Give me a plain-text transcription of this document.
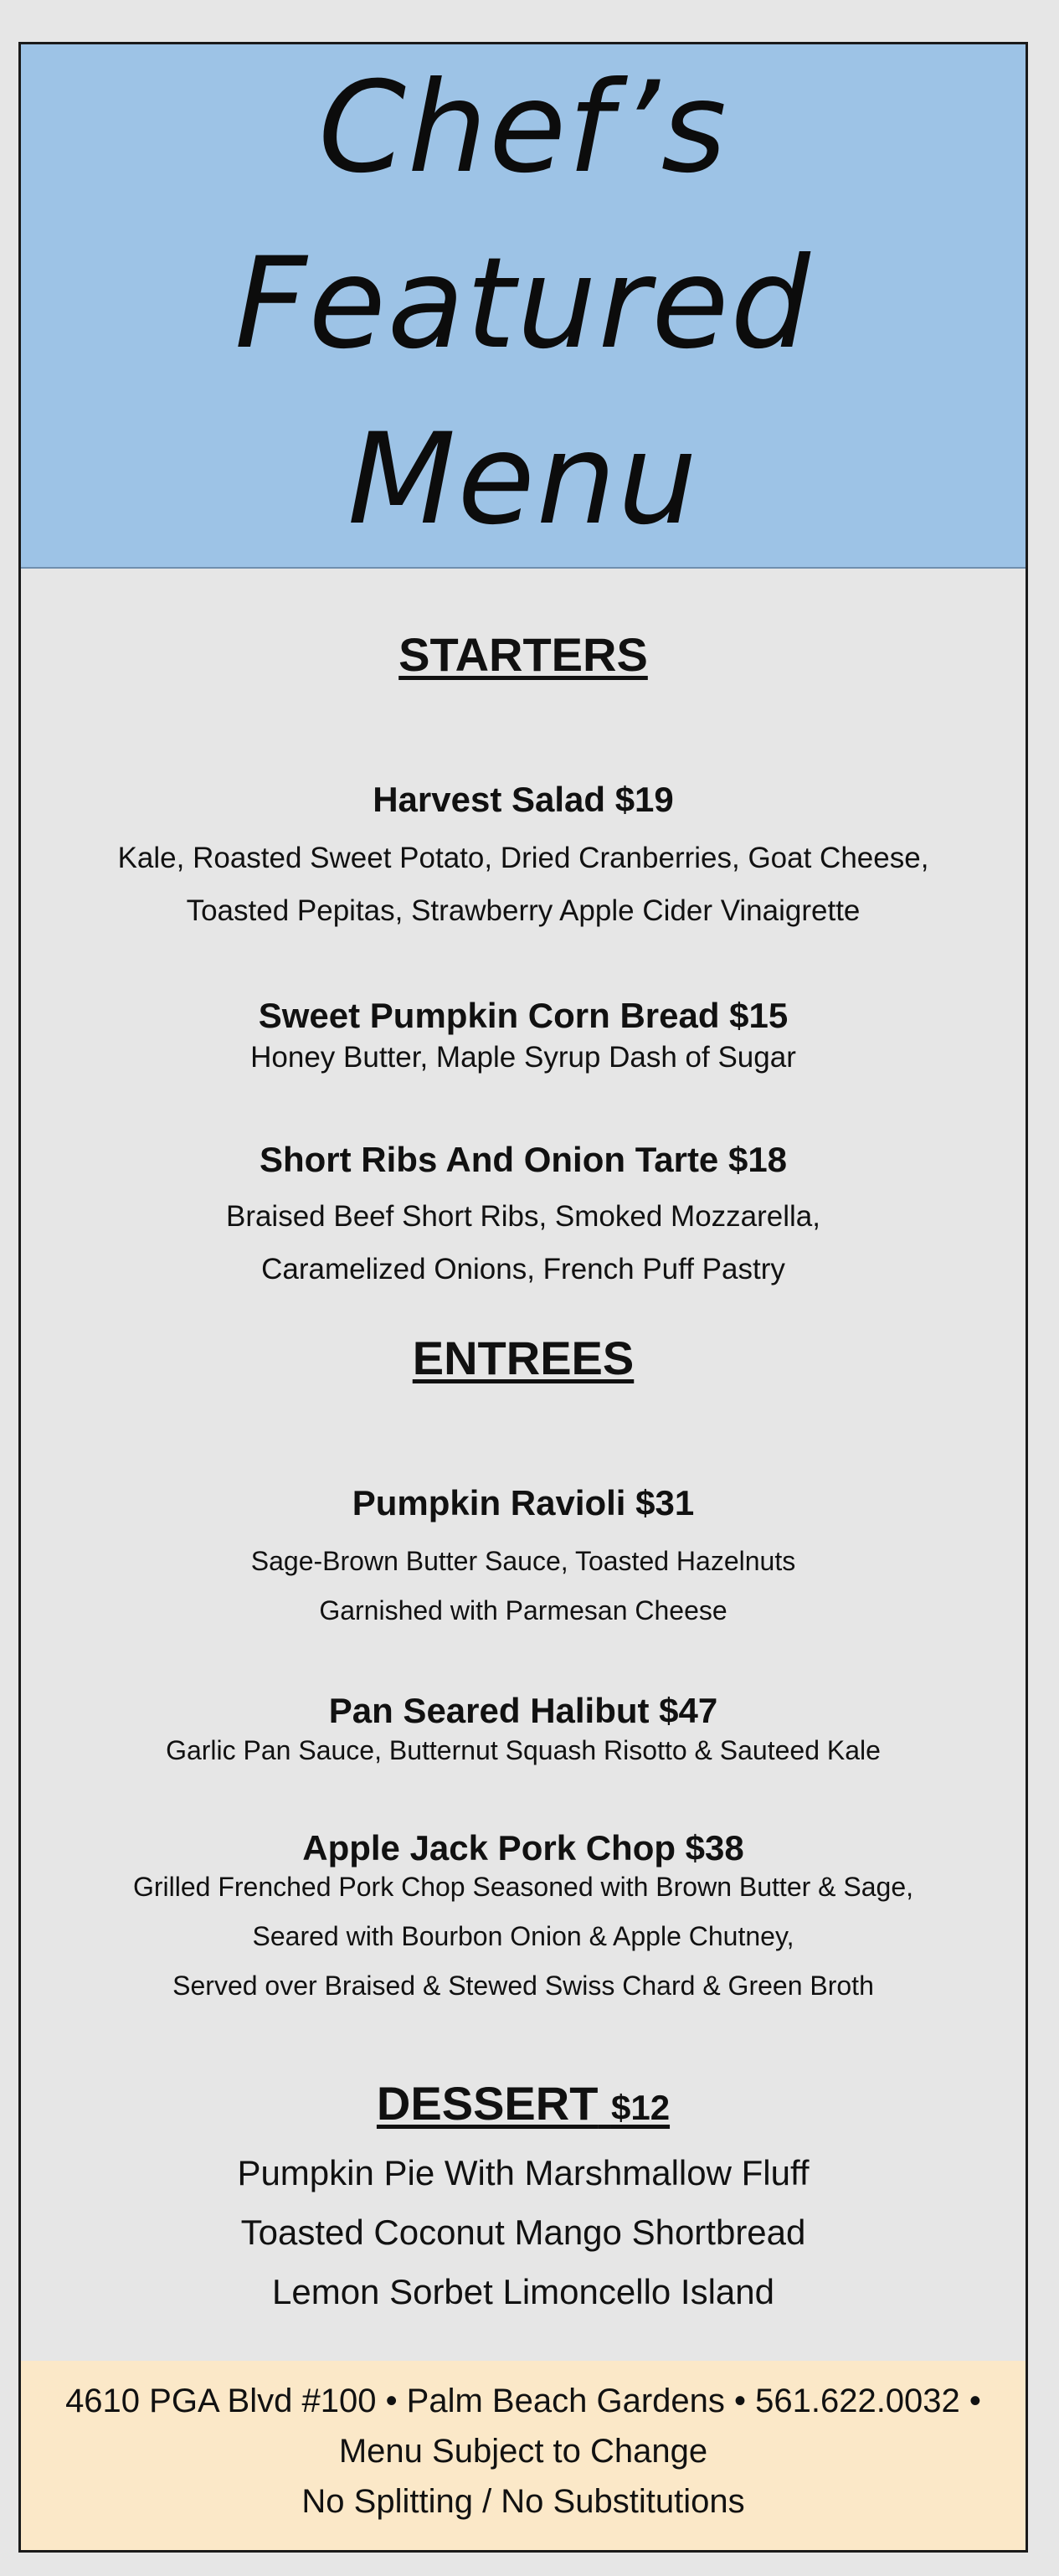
Chef’s
Featured
Menu
STARTERS
Harvest Salad $19
Kale, Roasted Sweet Potato, Dried Cranberries, Goat Cheese,
Toasted Pepitas, Strawberry Apple Cider Vinaigrette
Sweet Pumpkin Corn Bread $15
Honey Butter, Maple Syrup Dash of Sugar
Short Ribs And Onion Tarte $18
Braised Beef Short Ribs, Smoked Mozzarella,
Caramelized Onions, French Puff Pastry
ENTREES
Pumpkin Ravioli $31
Sage-Brown Butter Sauce, Toasted Hazelnuts
Garnished with Parmesan Cheese
Pan Seared Halibut $47
Garlic Pan Sauce, Butternut Squash Risotto & Sauteed Kale
Apple Jack Pork Chop $38
Grilled Frenched Pork Chop Seasoned with Brown Butter & Sage,
Seared with Bourbon Onion & Apple Chutney,
Served over Braised & Stewed Swiss Chard & Green Broth
DESSERT $12
Pumpkin Pie With Marshmallow Fluff
Toasted Coconut Mango Shortbread
Lemon Sorbet Limoncello Island
4610 PGA Blvd #100 • Palm Beach Gardens • 561.622.0032 •
Menu Subject to Change
No Splitting / No Substitutions
